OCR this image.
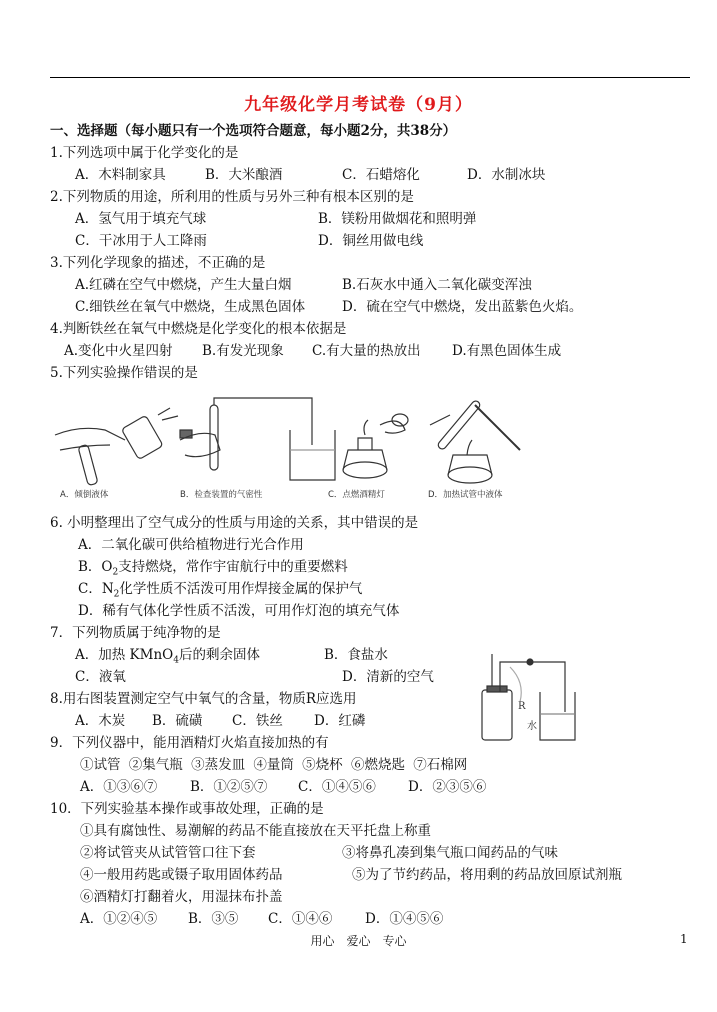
九年级化学月考试卷（9月）
一、选择题（每小题只有一个选项符合题意，每小题2分，共38分）
1.下列选项中属于化学变化的是
A．木料制家具	B．大米酿酒	C．石蜡熔化	D．水制冰块
2.下列物质的用途，所利用的性质与另外三种有根本区别的是
A．氢气用于填充气球	B．镁粉用做烟花和照明弹
C．干冰用于人工降雨	D．铜丝用做电线
3.下列化学现象的描述，不正确的是
A.红磷在空气中燃烧，产生大量白烟	B.石灰水中通入二氧化碳变浑浊
C.细铁丝在氧气中燃烧，生成黑色固体	D．硫在空气中燃烧，发出蓝紫色火焰。
4.判断铁丝在氧气中燃烧是化学变化的根本依据是
A.变化中火星四射 B.有发光现象 C.有大量的热放出 D.有黑色固体生成
5.下列实验操作错误的是
A．倾倒液体	B．检查装置的气密性	C．点燃酒精灯	D．加热试管中液体
6. 小明整理出了空气成分的性质与用途的关系，其中错误的是
A．二氧化碳可供给植物进行光合作用
B．$O_2$支持燃烧，常作宇宙航行中的重要燃料
C．$N_2$化学性质不活泼可用作焊接金属的保护气
D．稀有气体化学性质不活泼，可用作灯泡的填充气体
7．下列物质属于纯净物的是
A．加热 KMnO$_4$后的剩余固体	B．食盐水
C．液氧	D．清新的空气
8.用右图装置测定空气中氧气的含量，物质R应选用
A．木炭 B．硫磺 C．铁丝 D．红磷
R
水
9．下列仪器中，能用酒精灯火焰直接加热的有
①试管 ②集气瓶 ③蒸发皿 ④量筒 ⑤烧杯 ⑥燃烧匙 ⑦石棉网
A．①③⑥⑦ B．①②⑤⑦ C．①④⑤⑥ D．②③⑤⑥
10．下列实验基本操作或事故处理，正确的是
①具有腐蚀性、易潮解的药品不能直接放在天平托盘上称重
②将试管夹从试管管口往下套	③将鼻孔凑到集气瓶口闻药品的气味
④一般用药匙或镊子取用固体药品	⑤为了节约药品，将用剩的药品放回原试剂瓶
⑥酒精灯打翻着火，用湿抹布扑盖
A．①②④⑤ B．③⑤ C．①④⑥ D．①④⑤⑥
用心　爱心　专心	1
